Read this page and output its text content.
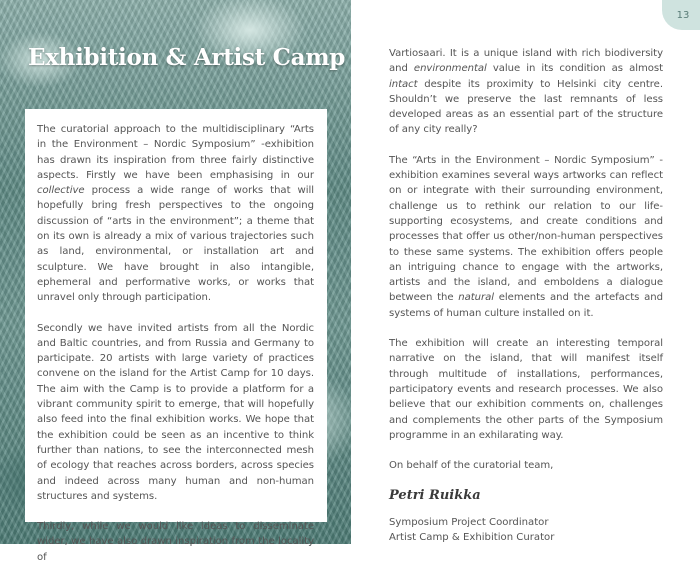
Exhibition & Artist Camp

The curatorial approach to the multidisciplinary “Arts in the Environment – Nordic Symposium” -exhibition has drawn its inspiration from three fairly distinctive aspects. Firstly we have been emphasising in our collective process a wide range of works that will hopefully bring fresh perspectives to the ongoing discussion of “arts in the environment”; a theme that on its own is already a mix of various trajectories such as land, environmental, or installation art and sculpture. We have brought in also intangible, ephemeral and performative works, or works that unravel only through participation.

Secondly we have invited artists from all the Nordic and Baltic countries, and from Russia and Germany to participate. 20 artists with large variety of practices convene on the island for the Artist Camp for 10 days. The aim with the Camp is to provide a platform for a vibrant community spirit to emerge, that will hopefully also feed into the final exhibition works. We hope that the exhibition could be seen as an incentive to think further than nations, to see the interconnected mesh of ecology that reaches across borders, across species and indeed across many human and non-human structures and systems.

Thirdly, while we would like ideas to disseminate wider, we have also drawn inspiration from the locality of

Vartiosaari. It is a unique island with rich biodiversity and environmental value in its condition as almost intact despite its proximity to Helsinki city centre. Shouldn’t we preserve the last remnants of less developed areas as an essential part of the structure of any city really?

The “Arts in the Environment – Nordic Symposium” -exhibition examines several ways artworks can reflect on or integrate with their surrounding environment, challenge us to rethink our relation to our life-supporting ecosystems, and create conditions and processes that offer us other/non-human perspectives to these same systems. The exhibition offers people an intriguing chance to engage with the artworks, artists and the island, and emboldens a dialogue between the natural elements and the artefacts and systems of human culture installed on it.

The exhibition will create an interesting temporal narrative on the island, that will manifest itself through multitude of installations, performances, participatory events and research processes. We also believe that our exhibition comments on, challenges and complements the other parts of the Symposium programme in an exhilarating way.

On behalf of the curatorial team,

Petri Ruikka
Symposium Project Coordinator
Artist Camp & Exhibition Curator
13
